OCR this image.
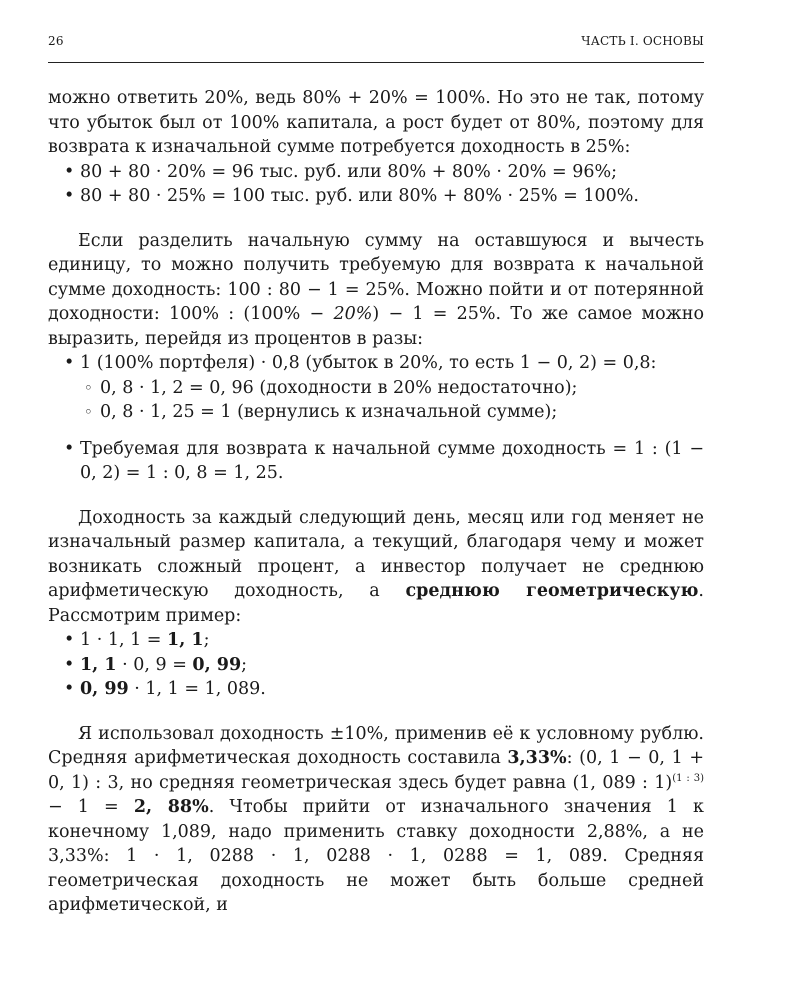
26	ЧАСТЬ I. ОСНОВЫ

можно ответить 20%, ведь 80% + 20% = 100%. Но это не так, потому что убыток был от 100% капитала, а рост будет от 80%, поэтому для возврата к изначальной сумме потребуется доходность в 25%:

• 80 + 80 · 20% = 96 тыс. руб. или 80% + 80% · 20% = 96%;
• 80 + 80 · 25% = 100 тыс. руб. или 80% + 80% · 25% = 100%.

Если разделить начальную сумму на оставшуюся и вычесть единицу, то можно получить требуемую для возврата к начальной сумме доходность: 100 : 80 − 1 = 25%. Можно пойти и от потерянной доходности: 100% : (100% − 20%) − 1 = 25%. То же самое можно выразить, перейдя из процентов в разы:

• 1 (100% портфеля) · 0,8 (убыток в 20%, то есть 1 − 0, 2) = 0,8:
◦ 0, 8 · 1, 2 = 0, 96 (доходности в 20% недостаточно);
◦ 0, 8 · 1, 25 = 1 (вернулись к изначальной сумме);
• Требуемая для возврата к начальной сумме доходность = 1 : (1 − 0, 2) = 1 : 0, 8 = 1, 25.

Доходность за каждый следующий день, месяц или год меняет не изначальный размер капитала, а текущий, благодаря чему и может возникать сложный процент, а инвестор получает не среднюю арифметическую доходность, а среднюю геометрическую. Рассмотрим пример:

• 1 · 1, 1 = 1, 1;
• 1, 1 · 0, 9 = 0, 99;
• 0, 99 · 1, 1 = 1, 089.

Я использовал доходность ±10%, применив её к условному рублю. Средняя арифметическая доходность составила 3,33%: (0, 1 − 0, 1 + 0, 1) : 3, но средняя геометрическая здесь будет равна (1, 089 : 1)$^{(1 : 3)}$ − 1 = 2, 88%. Чтобы прийти от изначального значения 1 к конечному 1,089, надо применить ставку доходности 2,88%, а не 3,33%: 1 · 1, 0288 · 1, 0288 · 1, 0288 = 1, 089. Средняя геометрическая доходность не может быть больше средней арифметической, и
